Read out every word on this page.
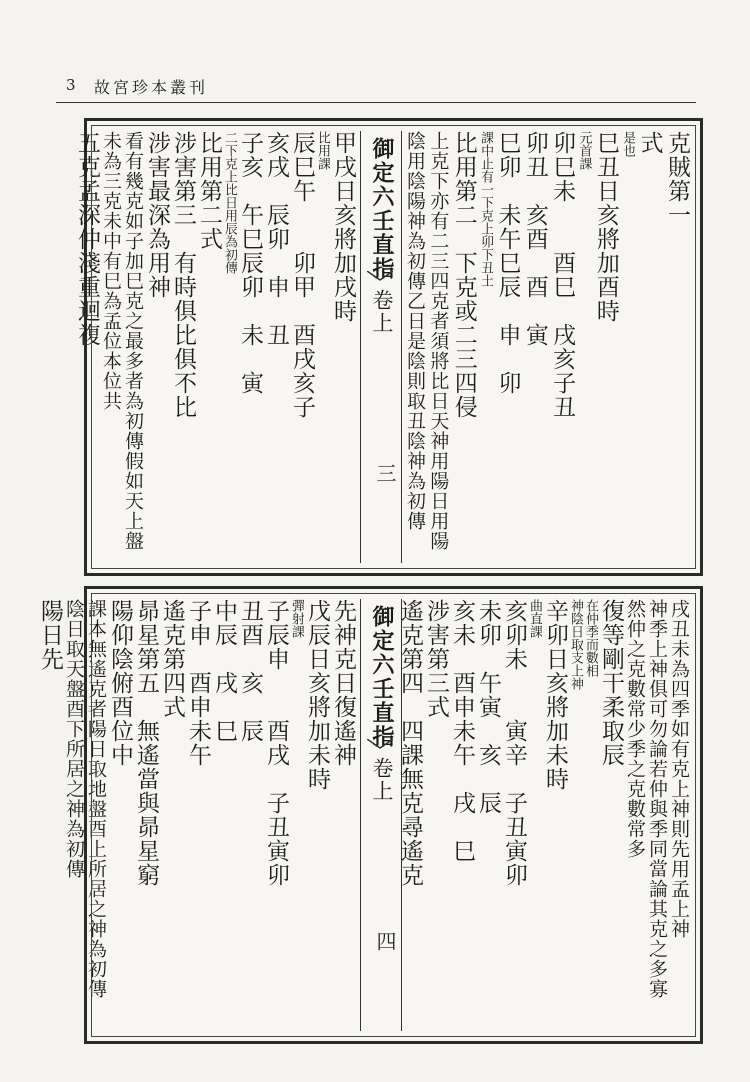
3 故宮珍本叢刊
御定六壬直指
卷上
三
克賊第一
式
是也
巳丑日亥將加酉時
元首課
卯巳未　　酉巳　戌亥子丑
卯丑　亥酉　酉　寅
巳卯　未午巳辰　申　卯
課中止有一下克上卯下丑土
比用第二　下克或二三四侵
上克下亦有二三四克者須將比日天神用陽日用陽
陰用陰陽神為初傳乙日是陰則取丑陰神為初傳
甲戌日亥將加戌時
比用課
辰巳午　　卯甲　酉戌亥子
亥戌　辰卯　申　丑
子亥　午巳辰卯　未　寅
二下克上比日用辰為初傳
比用第二式
涉害第三　有時俱比俱不比
涉害最深為用神
看有幾克如子加巳克之最多者為初傳假如天上盤
未為三克未中有巳為孟位本位共
五克孟深仲淺重迴複
御定六壬直指
卷上
四
戌丑未為四季如有克上神則先用孟上神
神季上神俱可勿論若仲與季同當論其克之多寡
然仲之克數常少季之克數常多
復等剛干柔取辰
在仲季而數相
神陰日取支上神
辛卯日亥將加未時
曲直課
亥卯未　　寅辛　子丑寅卯
未卯　午寅　亥　辰
亥未　酉申未午　戌　巳
涉害第三式
遙克第四　四課無克尋遙克
先神克日復遙神
戊辰日亥將加未時
彈射課
子辰申　　酉戌　子丑寅卯
丑酉　亥　辰
中辰　戌　巳
子申　酉申未午
遙克第四式
昴星第五　無遙當與昴星窮
陽仰陰俯酉位中
課本無遙克者陽日取地盤酉上所居之神為初傳
陰日取天盤酉下所居之神為初傳
陽日先
